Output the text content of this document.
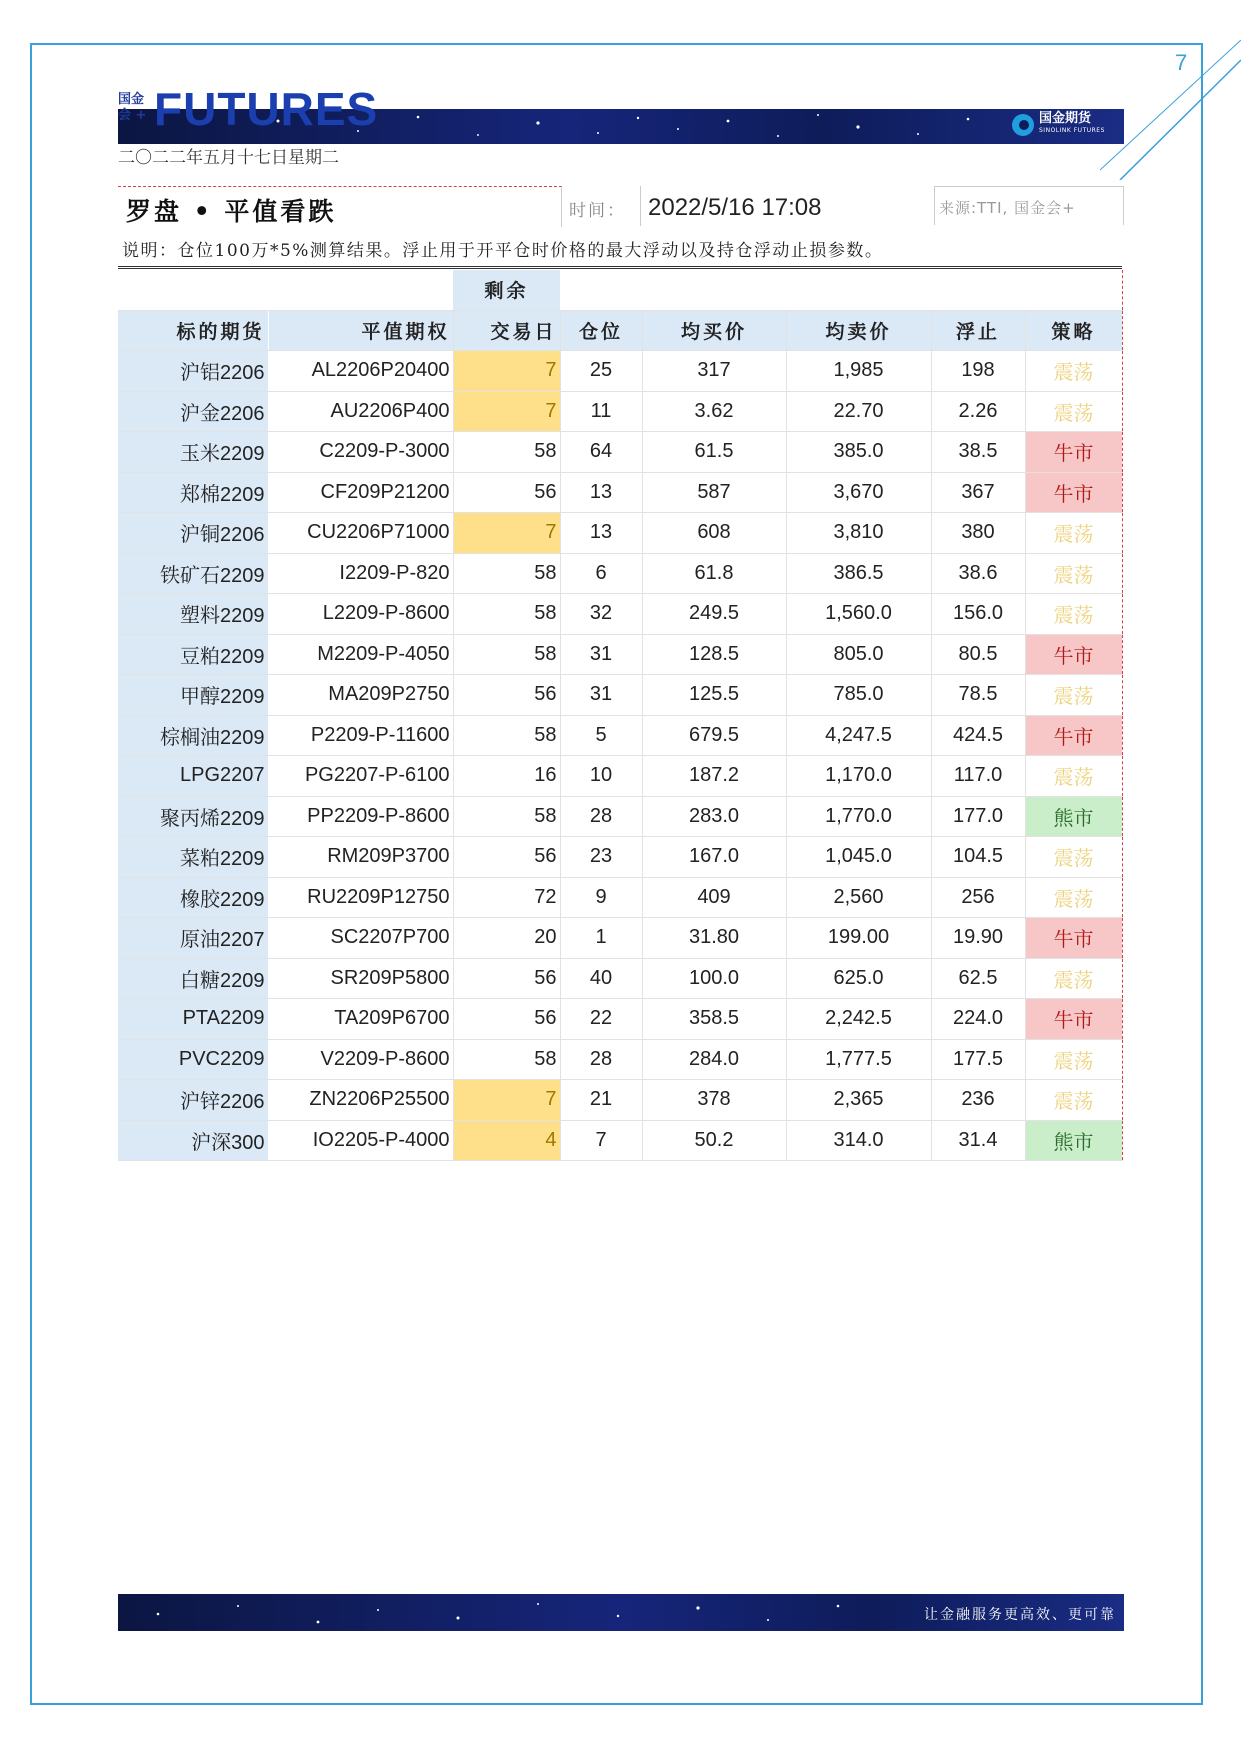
7
国金
会 + FUTURES	国金期货
SINOLINK FUTURES
二〇二二年五月十七日星期二
罗盘 • 平值看跌	时间： 2022/5/16 17:08	来源:TTI, 国金会+
说明：仓位100万*5%测算结果。浮止用于开平仓时价格的最大浮动以及持仓浮动止损参数。
		剩余					
标的期货	平值期权	交易日	仓位	均买价	均卖价	浮止	策略
沪铝2206	AL2206P20400	7	25	317	1,985	198	震荡
沪金2206	AU2206P400	7	11	3.62	22.70	2.26	震荡
玉米2209	C2209-P-3000	58	64	61.5	385.0	38.5	牛市
郑棉2209	CF209P21200	56	13	587	3,670	367	牛市
沪铜2206	CU2206P71000	7	13	608	3,810	380	震荡
铁矿石2209	I2209-P-820	58	6	61.8	386.5	38.6	震荡
塑料2209	L2209-P-8600	58	32	249.5	1,560.0	156.0	震荡
豆粕2209	M2209-P-4050	58	31	128.5	805.0	80.5	牛市
甲醇2209	MA209P2750	56	31	125.5	785.0	78.5	震荡
棕榈油2209	P2209-P-11600	58	5	679.5	4,247.5	424.5	牛市
LPG2207	PG2207-P-6100	16	10	187.2	1,170.0	117.0	震荡
聚丙烯2209	PP2209-P-8600	58	28	283.0	1,770.0	177.0	熊市
菜粕2209	RM209P3700	56	23	167.0	1,045.0	104.5	震荡
橡胶2209	RU2209P12750	72	9	409	2,560	256	震荡
原油2207	SC2207P700	20	1	31.80	199.00	19.90	牛市
白糖2209	SR209P5800	56	40	100.0	625.0	62.5	震荡
PTA2209	TA209P6700	56	22	358.5	2,242.5	224.0	牛市
PVC2209	V2209-P-8600	58	28	284.0	1,777.5	177.5	震荡
沪锌2206	ZN2206P25500	7	21	378	2,365	236	震荡
沪深300	IO2205-P-4000	4	7	50.2	314.0	31.4	熊市
让金融服务更高效、更可靠
